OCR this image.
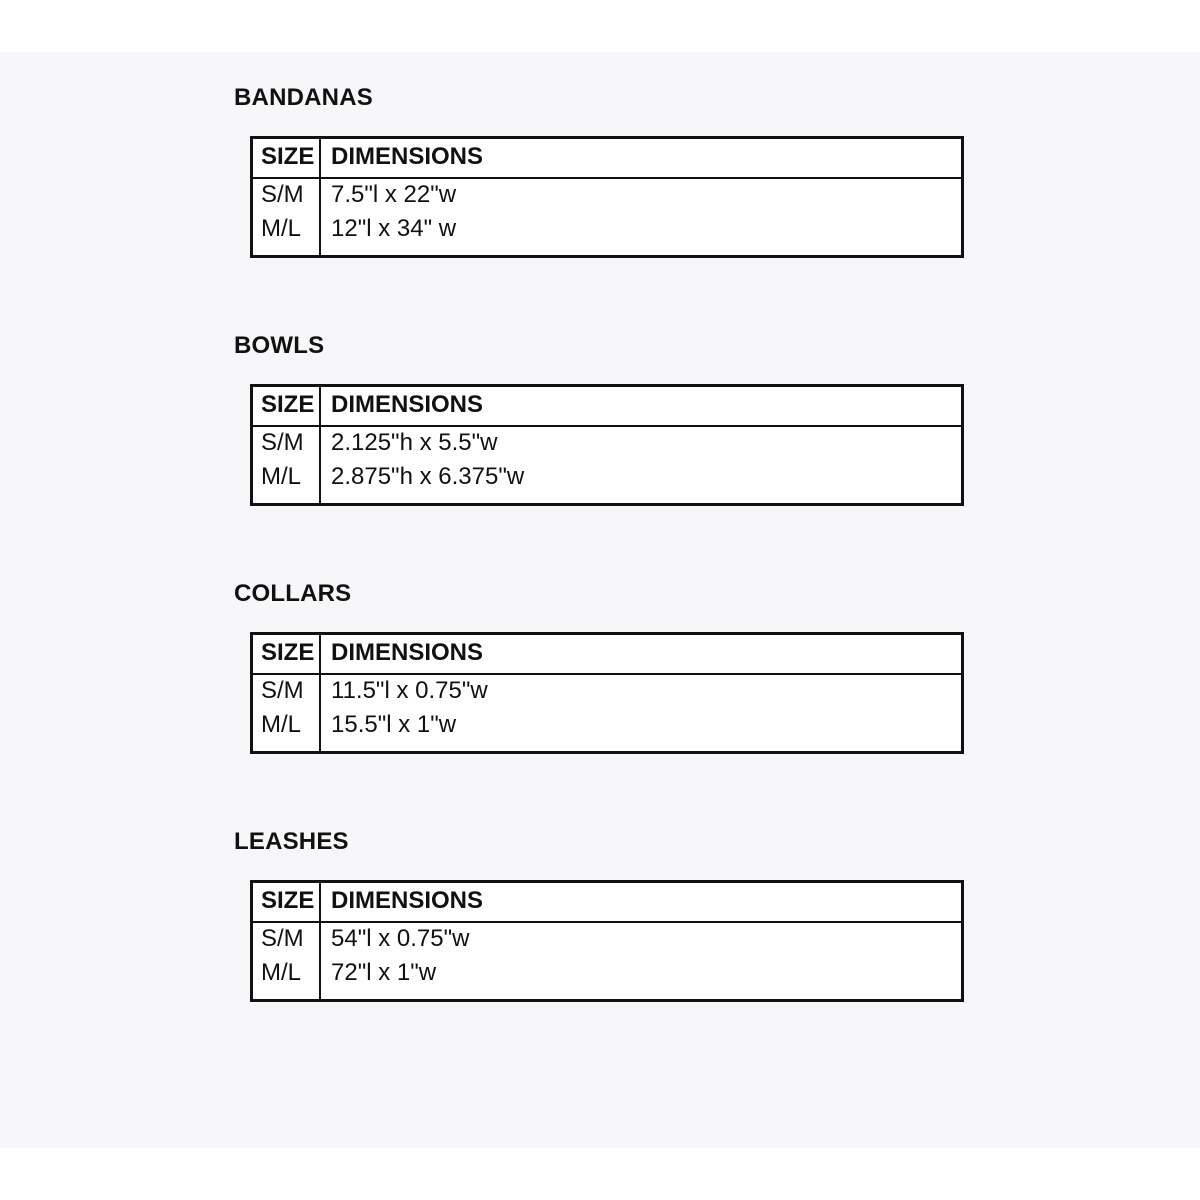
BANDANAS
SIZE DIMENSIONS
S/M 7.5"l x 22"w
M/L 12"l x 34" w
BOWLS
SIZE DIMENSIONS
S/M 2.125"h x 5.5"w
M/L 2.875"h x 6.375"w
COLLARS
SIZE DIMENSIONS
S/M 11.5"l x 0.75"w
M/L 15.5"l x 1"w
LEASHES
SIZE DIMENSIONS
S/M 54"l x 0.75"w
M/L 72"l x 1"w
